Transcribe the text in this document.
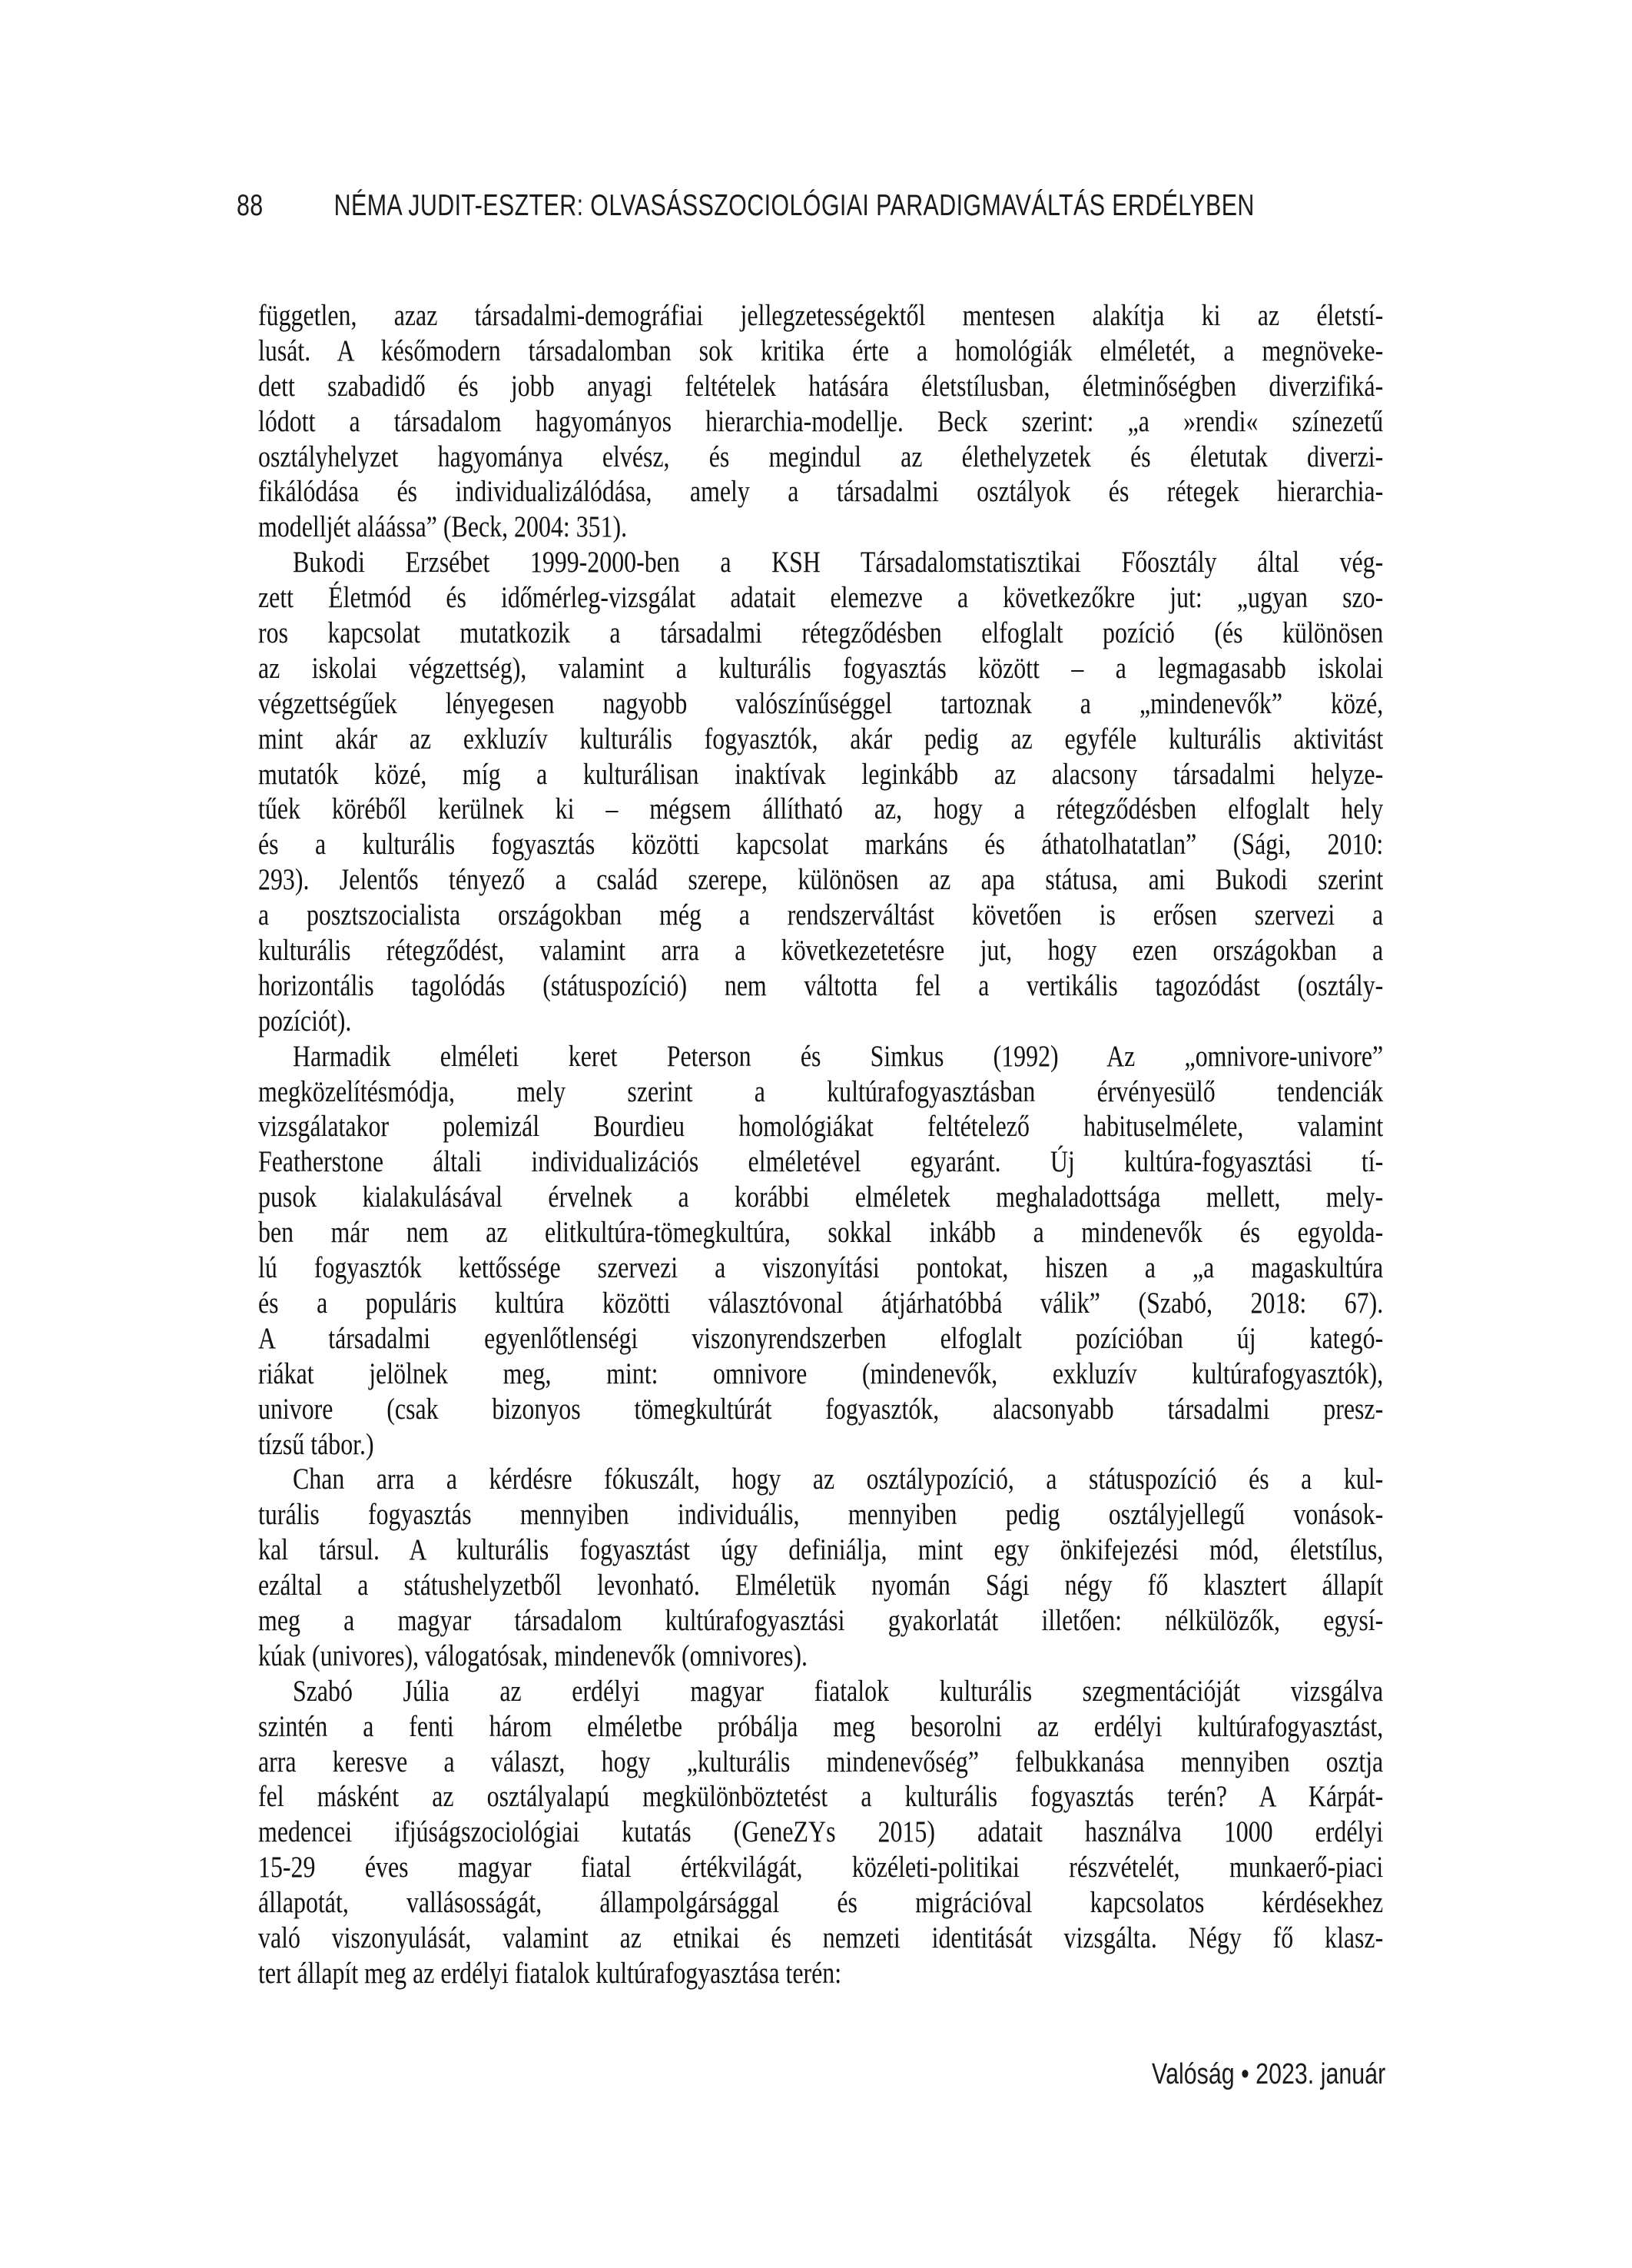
88 NÉMA JUDIT-ESZTER: OLVASÁSSZOCIOLÓGIAI PARADIGMAVÁLTÁS ERDÉLYBEN
független, azaz társadalmi-demográfiai jellegzetességektől mentesen alakítja ki az életstí-
lusát. A későmodern társadalomban sok kritika érte a homológiák elméletét, a megnöveke-
dett szabadidő és jobb anyagi feltételek hatására életstílusban, életminőségben diverzifiká-
lódott a társadalom hagyományos hierarchia-modellje. Beck szerint: „a »rendi« színezetű
osztályhelyzet hagyománya elvész, és megindul az élethelyzetek és életutak diverzi-
fikálódása és individualizálódása, amely a társadalmi osztályok és rétegek hierarchia-
modelljét aláássa” (Beck, 2004: 351).
Bukodi Erzsébet 1999-2000-ben a KSH Társadalomstatisztikai Főosztály által vég-
zett Életmód és időmérleg-vizsgálat adatait elemezve a következőkre jut: „ugyan szo-
ros kapcsolat mutatkozik a társadalmi rétegződésben elfoglalt pozíció (és különösen
az iskolai végzettség), valamint a kulturális fogyasztás között – a legmagasabb iskolai
végzettségűek lényegesen nagyobb valószínűséggel tartoznak a „mindenevők” közé,
mint akár az exkluzív kulturális fogyasztók, akár pedig az egyféle kulturális aktivitást
mutatók közé, míg a kulturálisan inaktívak leginkább az alacsony társadalmi helyze-
tűek köréből kerülnek ki – mégsem állítható az, hogy a rétegződésben elfoglalt hely
és a kulturális fogyasztás közötti kapcsolat markáns és áthatolhatatlan” (Sági, 2010:
293). Jelentős tényező a család szerepe, különösen az apa státusa, ami Bukodi szerint
a posztszocialista országokban még a rendszerváltást követően is erősen szervezi a
kulturális rétegződést, valamint arra a következetetésre jut, hogy ezen országokban a
horizontális tagolódás (státuspozíció) nem váltotta fel a vertikális tagozódást (osztály-
pozíciót).
Harmadik elméleti keret Peterson és Simkus (1992) Az „omnivore-univore”
megközelítésmódja, mely szerint a kultúrafogyasztásban érvényesülő tendenciák
vizsgálatakor polemizál Bourdieu homológiákat feltételező habituselmélete, valamint
Featherstone általi individualizációs elméletével egyaránt. Új kultúra-fogyasztási tí-
pusok kialakulásával érvelnek a korábbi elméletek meghaladottsága mellett, mely-
ben már nem az elitkultúra-tömegkultúra, sokkal inkább a mindenevők és egyolda-
lú fogyasztók kettőssége szervezi a viszonyítási pontokat, hiszen a „a magaskultúra
és a populáris kultúra közötti választóvonal átjárhatóbbá válik” (Szabó, 2018: 67).
A társadalmi egyenlőtlenségi viszonyrendszerben elfoglalt pozícióban új kategó-
riákat jelölnek meg, mint: omnivore (mindenevők, exkluzív kultúrafogyasztók),
univore (csak bizonyos tömegkultúrát fogyasztók, alacsonyabb társadalmi presz-
tízsű tábor.)
Chan arra a kérdésre fókuszált, hogy az osztálypozíció, a státuspozíció és a kul-
turális fogyasztás mennyiben individuális, mennyiben pedig osztályjellegű vonások-
kal társul. A kulturális fogyasztást úgy definiálja, mint egy önkifejezési mód, életstílus,
ezáltal a státushelyzetből levonható. Elméletük nyomán Sági négy fő klasztert állapít
meg a magyar társadalom kultúrafogyasztási gyakorlatát illetően: nélkülözők, egysí-
kúak (univores), válogatósak, mindenevők (omnivores).
Szabó Júlia az erdélyi magyar fiatalok kulturális szegmentációját vizsgálva
szintén a fenti három elméletbe próbálja meg besorolni az erdélyi kultúrafogyasztást,
arra keresve a választ, hogy „kulturális mindenevőség” felbukkanása mennyiben osztja
fel másként az osztályalapú megkülönböztetést a kulturális fogyasztás terén? A Kárpát-
medencei ifjúságszociológiai kutatás (GeneZYs 2015) adatait használva 1000 erdélyi
15-29 éves magyar fiatal értékvilágát, közéleti-politikai részvételét, munkaerő-piaci
állapotát, vallásosságát, állampolgársággal és migrációval kapcsolatos kérdésekhez
való viszonyulását, valamint az etnikai és nemzeti identitását vizsgálta. Négy fő klasz-
tert állapít meg az erdélyi fiatalok kultúrafogyasztása terén:
Valóság • 2023. január
